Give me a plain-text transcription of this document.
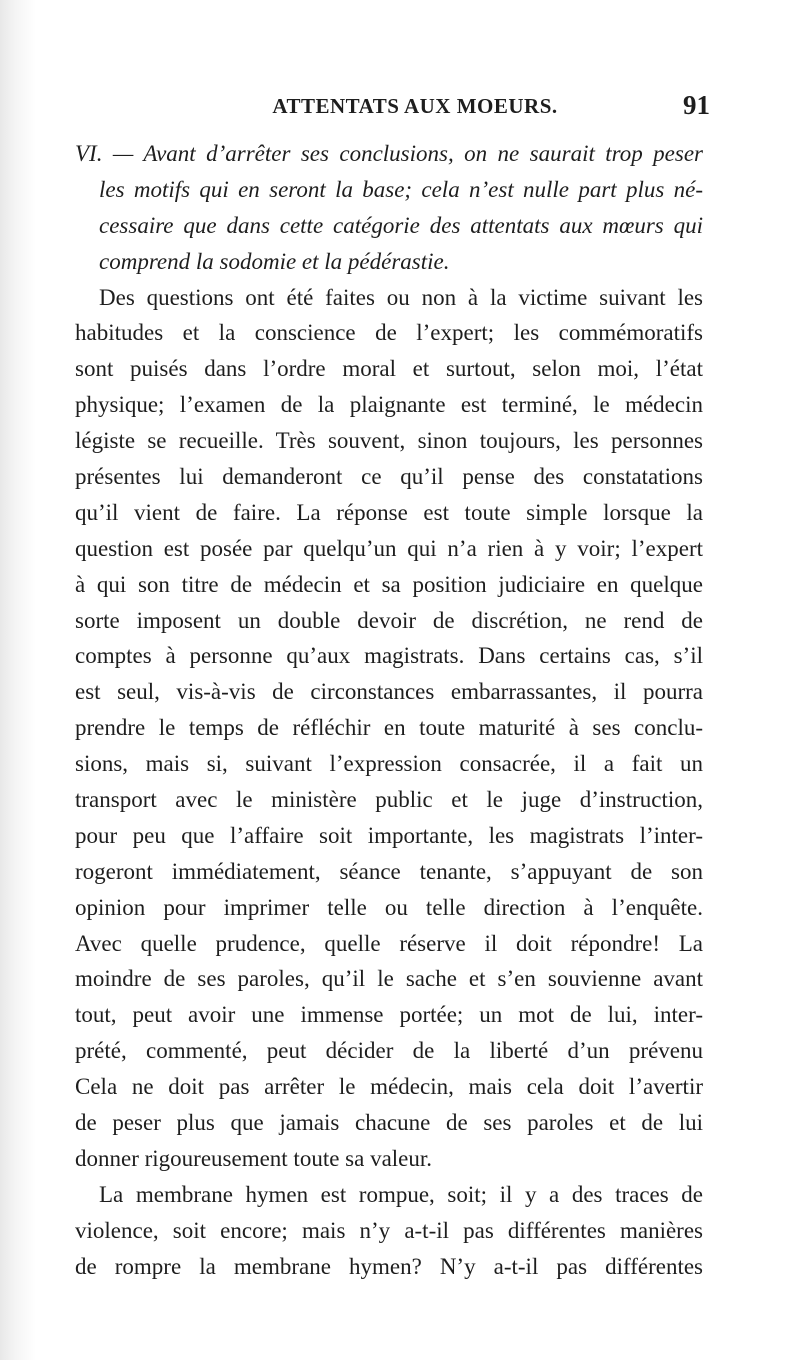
ATTENTATS AUX MOEURS.	91
VI. — Avant d’arrêter ses conclusions, on ne saurait trop peser
les motifs qui en seront la base; cela n’est nulle part plus né-
cessaire que dans cette catégorie des attentats aux mœurs qui
comprend la sodomie et la pédérastie.
Des questions ont été faites ou non à la victime suivant les
habitudes et la conscience de l’expert; les commémoratifs
sont puisés dans l’ordre moral et surtout, selon moi, l’état
physique; l’examen de la plaignante est terminé, le médecin
légiste se recueille. Très souvent, sinon toujours, les personnes
présentes lui demanderont ce qu’il pense des constatations
qu’il vient de faire. La réponse est toute simple lorsque la
question est posée par quelqu’un qui n’a rien à y voir; l’expert
à qui son titre de médecin et sa position judiciaire en quelque
sorte imposent un double devoir de discrétion, ne rend de
comptes à personne qu’aux magistrats. Dans certains cas, s’il
est seul, vis-à-vis de circonstances embarrassantes, il pourra
prendre le temps de réfléchir en toute maturité à ses conclu-
sions, mais si, suivant l’expression consacrée, il a fait un
transport avec le ministère public et le juge d’instruction,
pour peu que l’affaire soit importante, les magistrats l’inter-
rogeront immédiatement, séance tenante, s’appuyant de son
opinion pour imprimer telle ou telle direction à l’enquête.
Avec quelle prudence, quelle réserve il doit répondre! La
moindre de ses paroles, qu’il le sache et s’en souvienne avant
tout, peut avoir une immense portée; un mot de lui, inter-
prété, commenté, peut décider de la liberté d’un prévenu
Cela ne doit pas arrêter le médecin, mais cela doit l’avertir
de peser plus que jamais chacune de ses paroles et de lui
donner rigoureusement toute sa valeur.
La membrane hymen est rompue, soit; il y a des traces de
violence, soit encore; mais n’y a-t-il pas différentes manières
de rompre la membrane hymen? N’y a-t-il pas différentes
